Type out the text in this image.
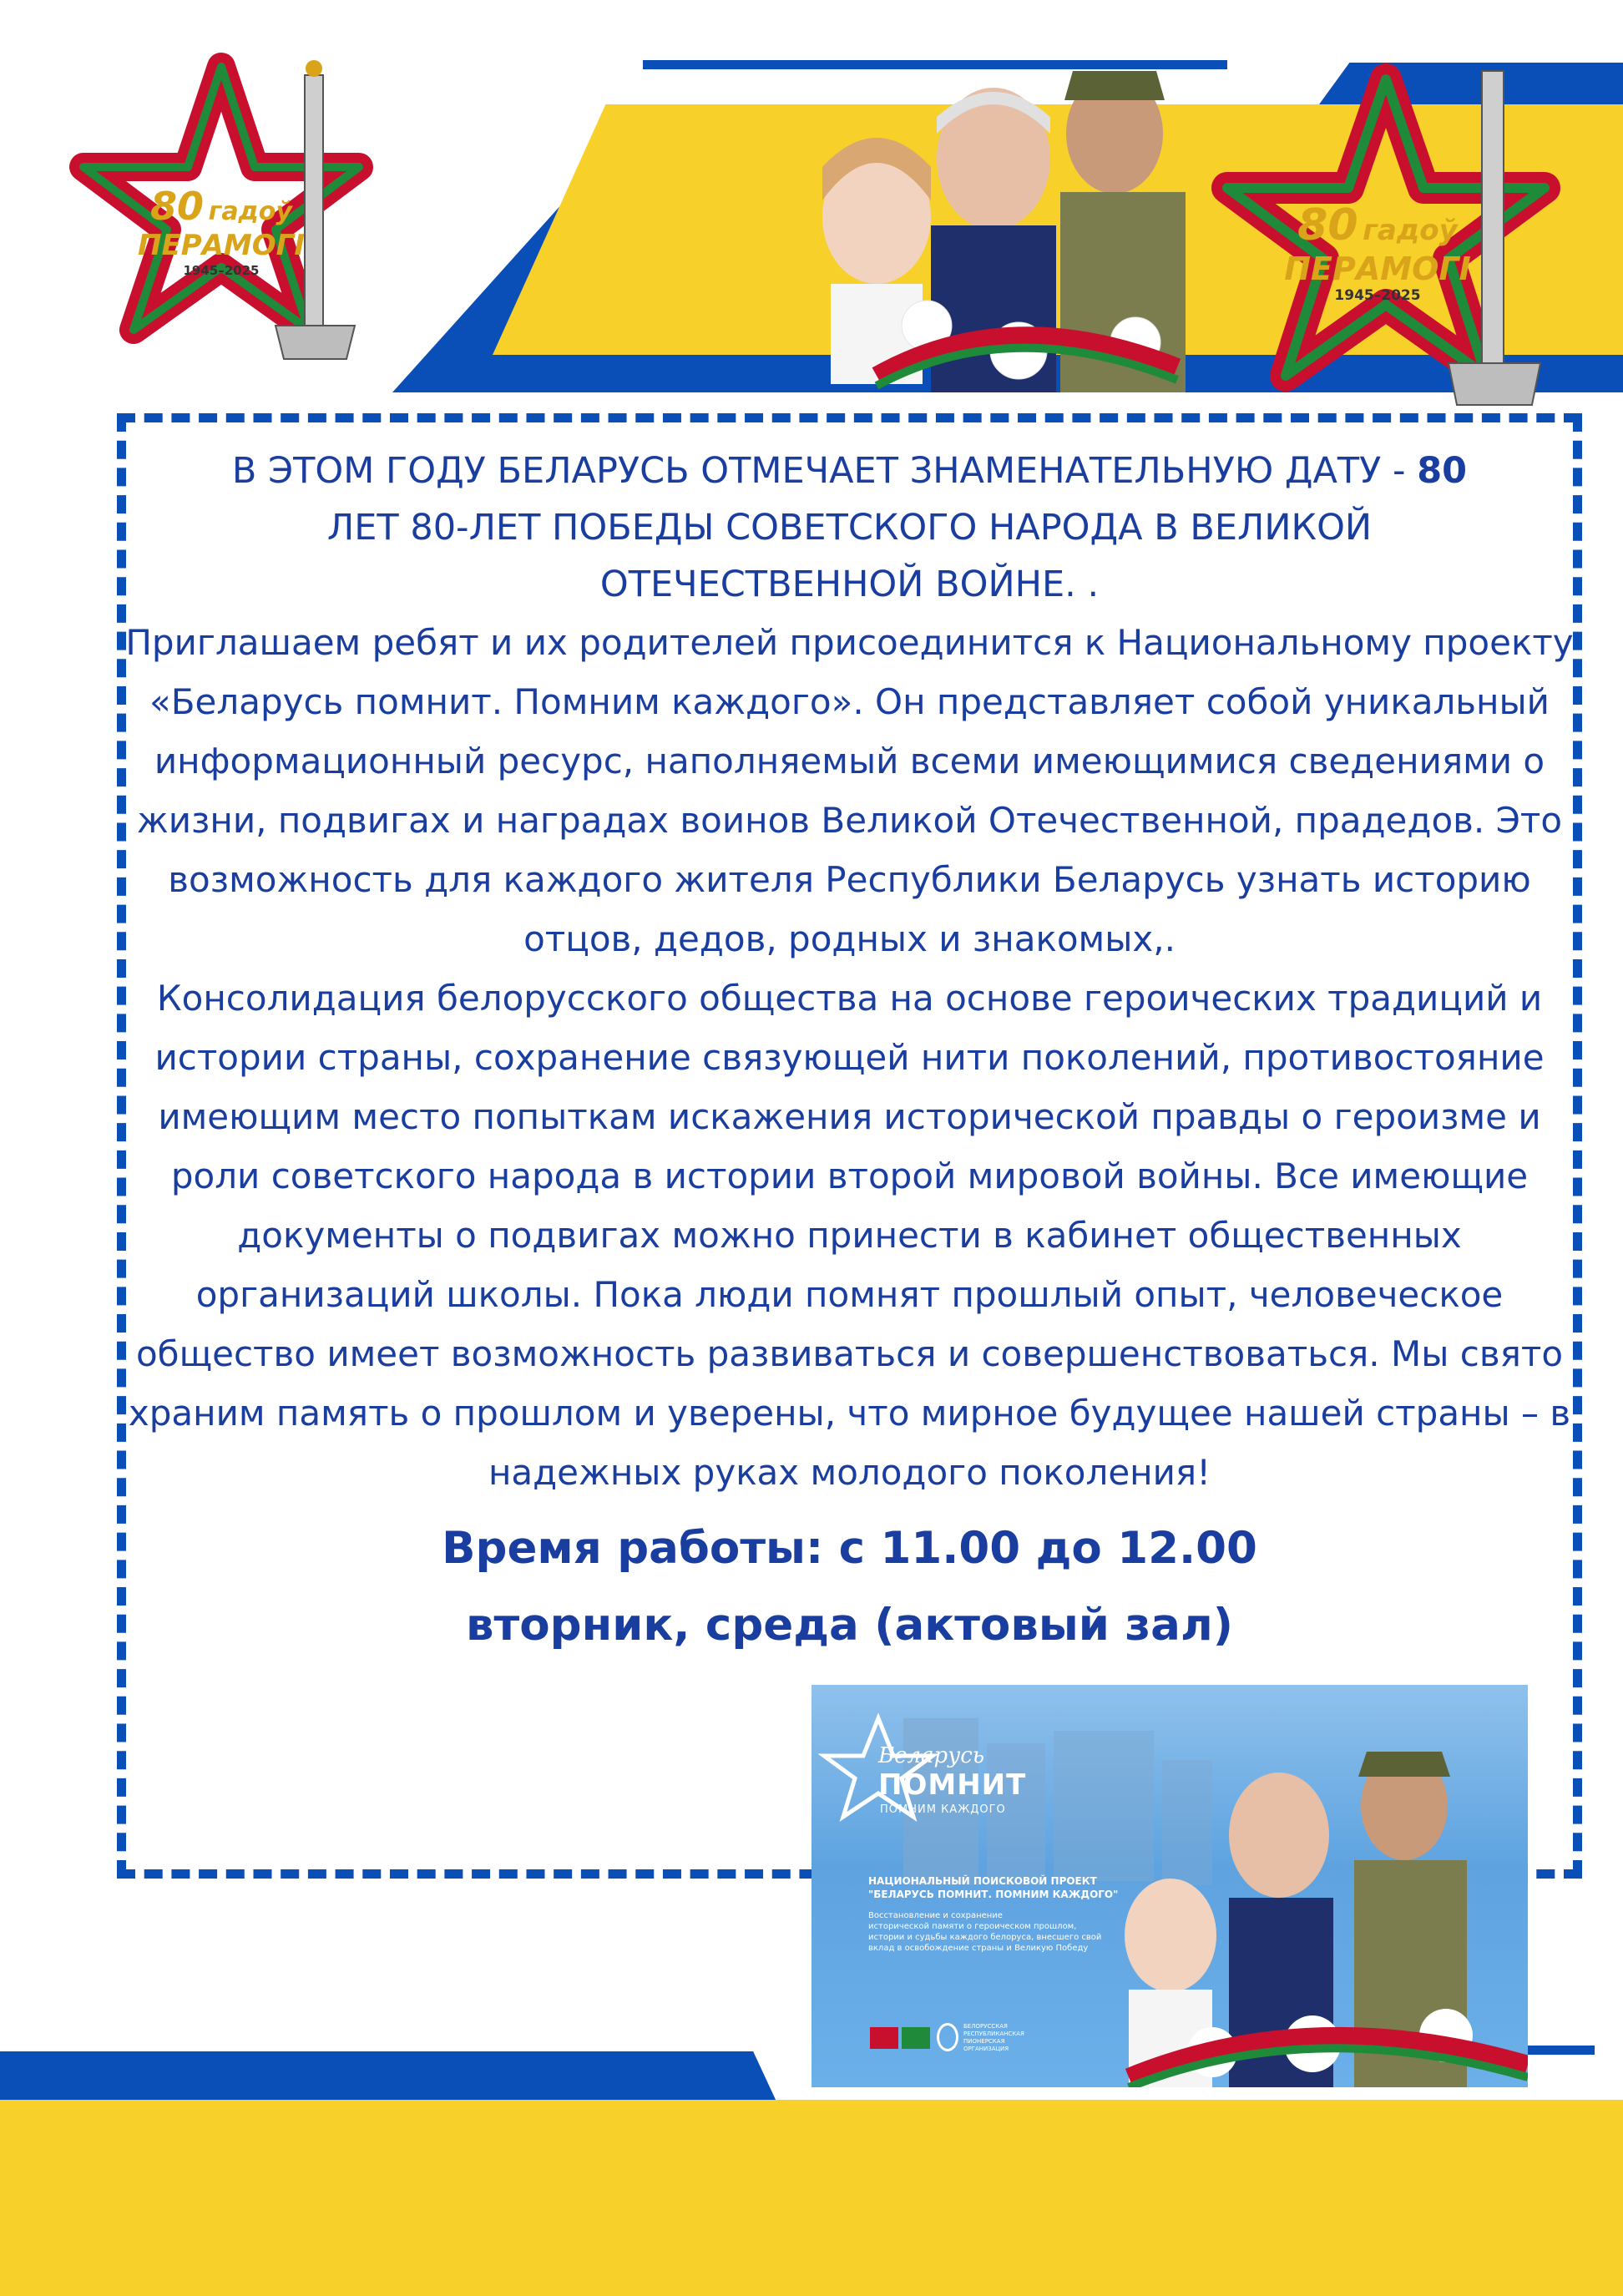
80 гадоў
ПЕРАМОГІ
1945–2025
80 гадоў
ПЕРАМОГІ
1945–2025

В ЭТОМ ГОДУ БЕЛАРУСЬ ОТМЕЧАЕТ ЗНАМЕНАТЕЛЬНУЮ ДАТУ - 80

ЛЕТ 80-ЛЕТ ПОБЕДЫ СОВЕТСКОГО НАРОДА В ВЕЛИКОЙ

ОТЕЧЕСТВЕННОЙ ВОЙНЕ. .

Приглашаем ребят и их родителей присоединится к Национальному проекту

«Беларусь помнит. Помним каждого». Он представляет собой уникальный

информационный ресурс, наполняемый всеми имеющимися сведениями о

жизни, подвигах и наградах воинов Великой Отечественной, прадедов. Это

возможность для каждого жителя Республики Беларусь узнать историю

отцов, дедов, родных и знакомых,.

Консолидация белорусского общества на основе героических традиций и

истории страны, сохранение связующей нити поколений, противостояние

имеющим место попыткам искажения исторической правды о героизме и

роли советского народа в истории второй мировой войны. Все имеющие

документы о подвигах можно принести в кабинет общественных

организаций школы. Пока люди помнят прошлый опыт, человеческое

общество имеет возможность развиваться и совершенствоваться. Мы свято

храним память о прошлом и уверены, что мирное будущее нашей страны – в

надежных руках молодого поколения!

Время работы: с 11.00 до 12.00

вторник, среда (актовый зал)

Беларусь
ПОМНИТ
ПОМНИМ КАЖДОГО
НАЦИОНАЛЬНЫЙ ПОИСКОВОЙ ПРОЕКТ
"БЕЛАРУСЬ ПОМНИТ. ПОМНИМ КАЖДОГО"
Восстановление и сохранение
исторической памяти о героическом прошлом,
истории и судьбы каждого белоруса, внесшего свой
вклад в освобождение страны и Великую Победу
БЕЛОРУССКАЯ
РЕСПУБЛИКАНСКАЯ
ПИОНЕРСКАЯ
ОРГАНИЗАЦИЯ
